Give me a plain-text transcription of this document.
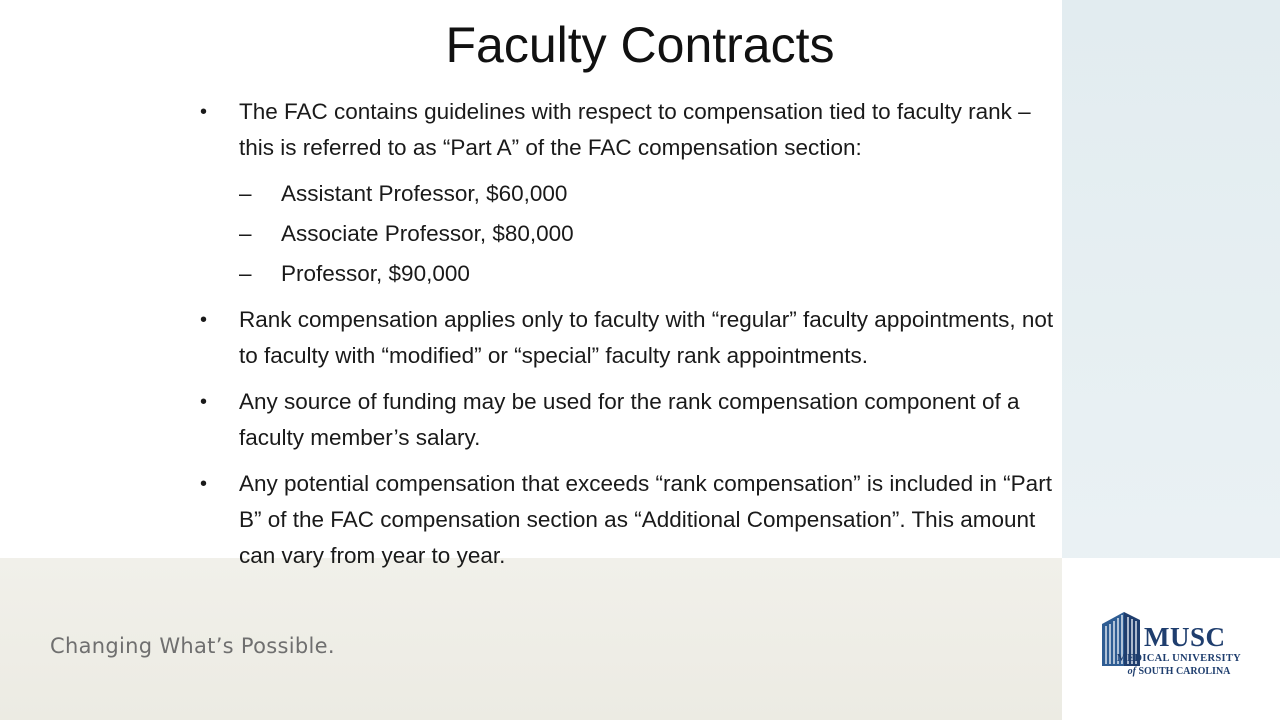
Faculty Contracts
•	The FAC contains guidelines with respect to compensation tied to faculty rank – this is referred to as “Part A” of the FAC compensation section:
– Assistant Professor, $60,000
– Associate Professor, $80,000
– Professor, $90,000
•	Rank compensation applies only to faculty with “regular” faculty appointments, not to faculty with “modified” or “special” faculty rank appointments.
•	Any source of funding may be used for the rank compensation component of a faculty member’s salary.
•	Any potential compensation that exceeds “rank compensation” is included in “Part B” of the FAC compensation section as “Additional Compensation”. This amount can vary from year to year.
Changing What’s Possible.	MUSC
MEDICAL UNIVERSITY
of SOUTH CAROLINA
